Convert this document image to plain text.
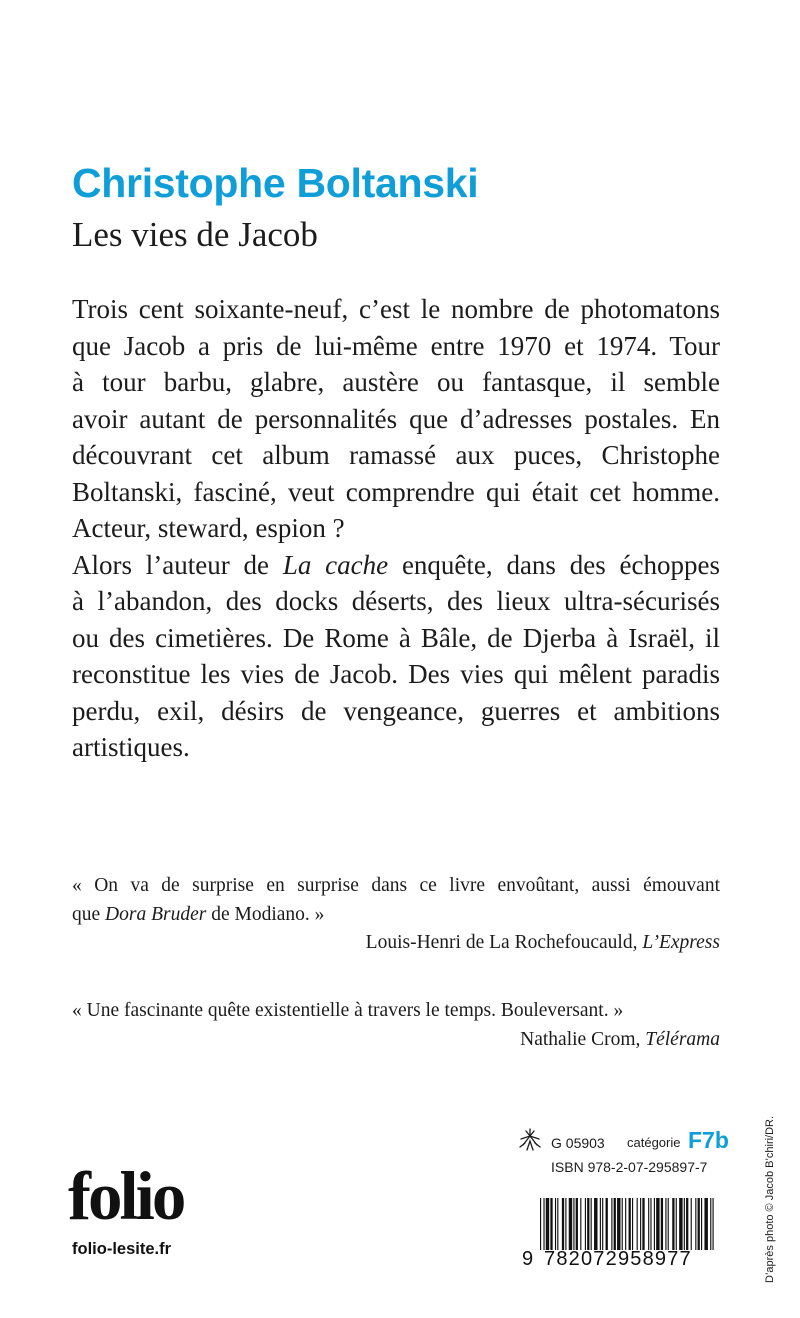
Christophe Boltanski
Les vies de Jacob
Trois cent soixante-neuf, c’est le nombre de photomatons
que Jacob a pris de lui-même entre 1970 et 1974. Tour
à tour barbu, glabre, austère ou fantasque, il semble
avoir autant de personnalités que d’adresses postales. En
découvrant cet album ramassé aux puces, Christophe
Boltanski, fasciné, veut comprendre qui était cet homme.
Acteur, steward, espion ?
Alors l’auteur de La cache enquête, dans des échoppes
à l’abandon, des docks déserts, des lieux ultra-sécurisés
ou des cimetières. De Rome à Bâle, de Djerba à Israël, il
reconstitue les vies de Jacob. Des vies qui mêlent paradis
perdu, exil, désirs de vengeance, guerres et ambitions
artistiques.
« On va de surprise en surprise dans ce livre envoûtant, aussi émouvant
que Dora Bruder de Modiano. »
Louis-Henri de La Rochefoucauld, L’Express
« Une fascinante quête existentielle à travers le temps. Bouleversant. »
Nathalie Crom, Télérama
G 05903 catégorie F7b
ISBN 978-2-07-295897-7
folio
folio-lesite.fr	9 782072958977	D’après photo © Jacob B’chiri/DR.
